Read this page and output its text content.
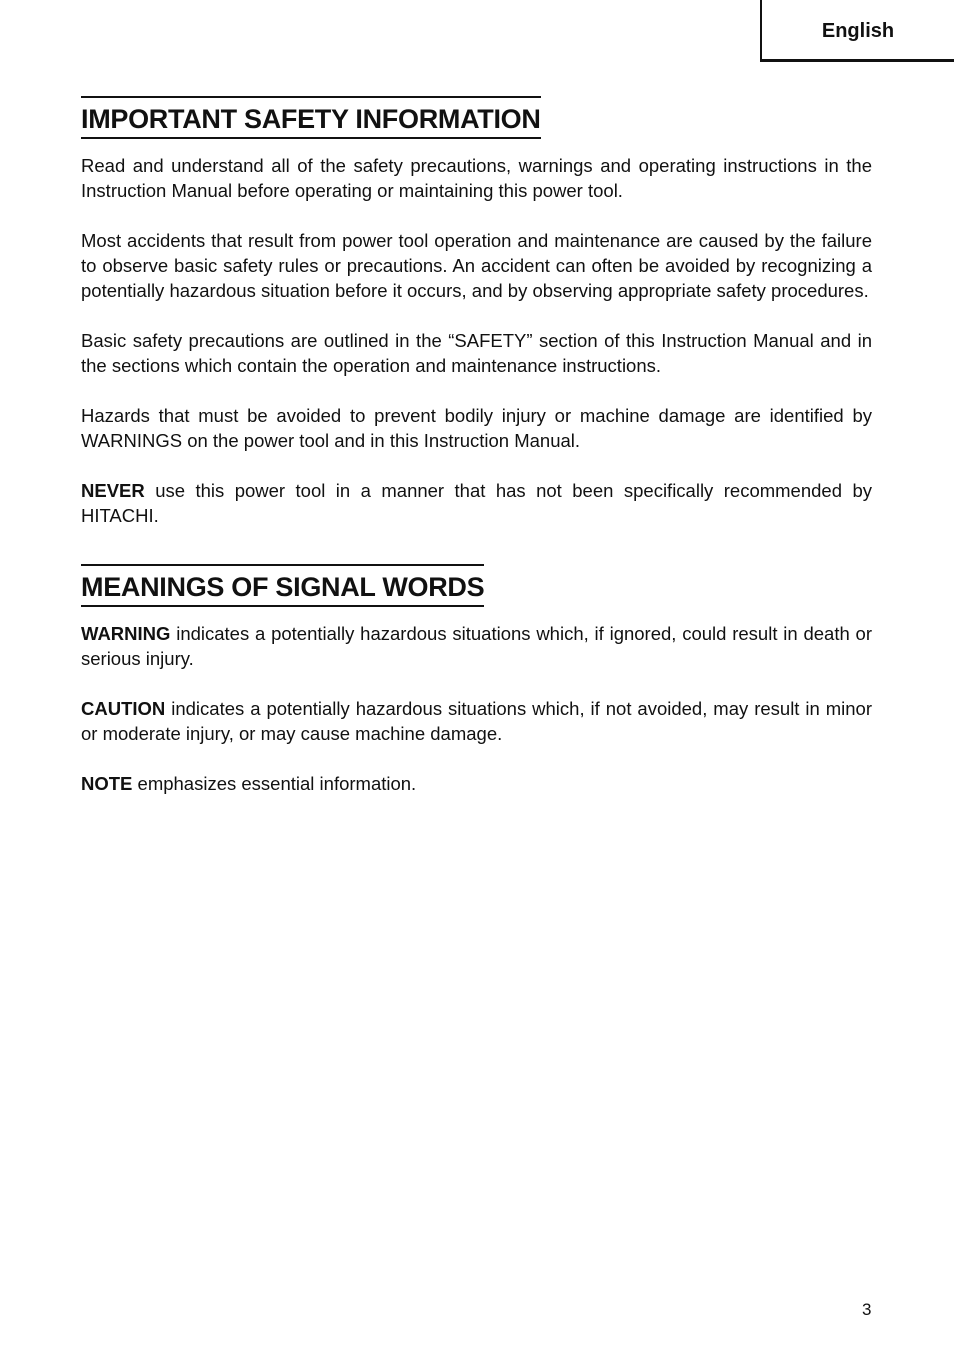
English
IMPORTANT SAFETY INFORMATION

Read and understand all of the safety precautions, warnings and operating instructions in the Instruction Manual before operating or maintaining this power tool.

Most accidents that result from power tool operation and maintenance are caused by the failure to observe basic safety rules or precautions. An accident can often be avoided by recognizing a potentially hazardous situation before it occurs, and by observing appropriate safety procedures.

Basic safety precautions are outlined in the “SAFETY” section of this Instruction Manual and in the sections which contain the operation and maintenance instructions.

Hazards that must be avoided to prevent bodily injury or machine damage are identified by WARNINGS on the power tool and in this Instruction Manual.

NEVER use this power tool in a manner that has not been specifically recommended by HITACHI.

MEANINGS OF SIGNAL WORDS

WARNING indicates a potentially hazardous situations which, if ignored, could result in death or serious injury.

CAUTION indicates a potentially hazardous situations which, if not avoided, may result in minor or moderate injury, or may cause machine damage.

NOTE emphasizes essential information.

3
